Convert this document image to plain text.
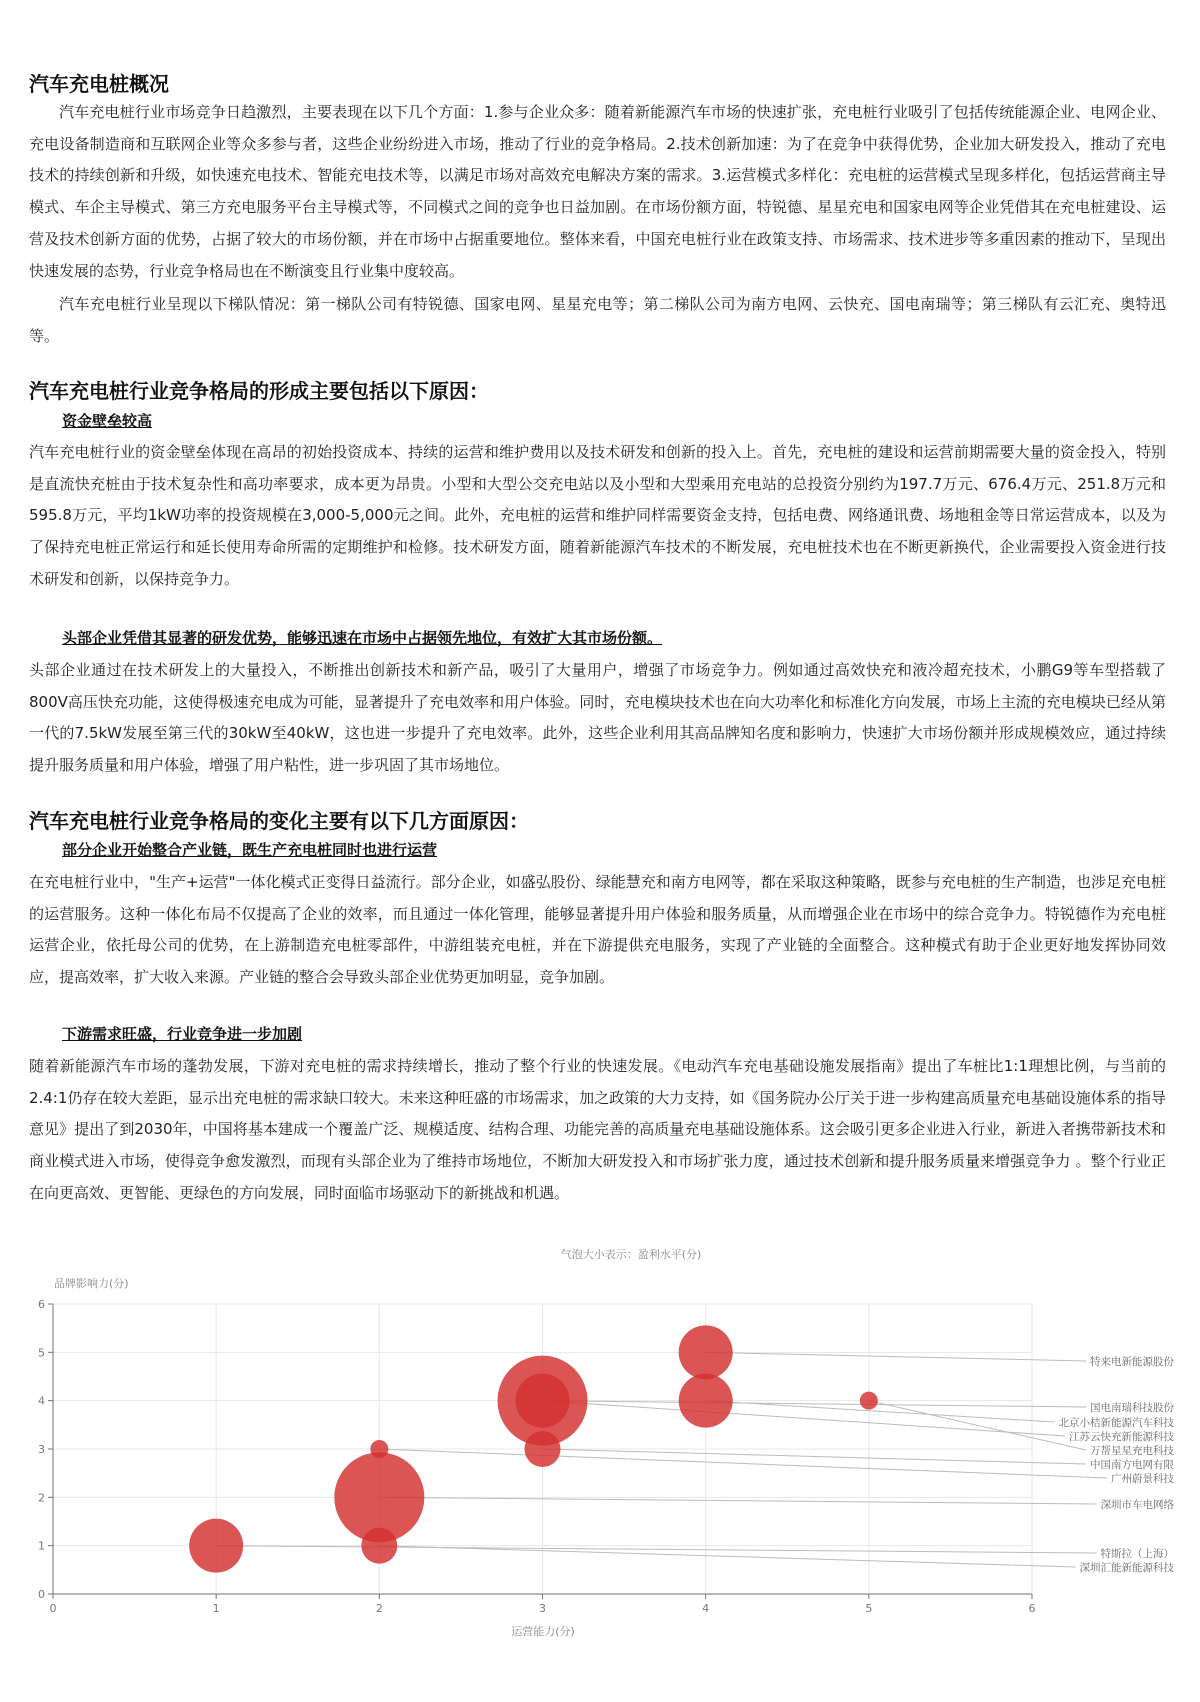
汽车充电桩概况

汽车充电桩行业市场竞争日趋激烈，主要表现在以下几个方面：1.参与企业众多：随着新能源汽车市场的快速扩张，充电桩行业吸引了包括传统能源企业、电网企业、充电设备制造商和互联网企业等众多参与者，这些企业纷纷进入市场，推动了行业的竞争格局。2.技术创新加速：为了在竞争中获得优势，企业加大研发投入，推动了充电技术的持续创新和升级，如快速充电技术、智能充电技术等，以满足市场对高效充电解决方案的需求。3.运营模式多样化：充电桩的运营模式呈现多样化，包括运营商主导模式、车企主导模式、第三方充电服务平台主导模式等，不同模式之间的竞争也日益加剧。在市场份额方面，特锐德、星星充电和国家电网等企业凭借其在充电桩建设、运营及技术创新方面的优势，占据了较大的市场份额，并在市场中占据重要地位。整体来看，中国充电桩行业在政策支持、市场需求、技术进步等多重因素的推动下，呈现出快速发展的态势，行业竞争格局也在不断演变且行业集中度较高。

汽车充电桩行业呈现以下梯队情况：第一梯队公司有特锐德、国家电网、星星充电等；第二梯队公司为南方电网、云快充、国电南瑞等；第三梯队有云汇充、奥特迅等。

汽车充电桩行业竞争格局的形成主要包括以下原因：
资金壁垒较高

汽车充电桩行业的资金壁垒体现在高昂的初始投资成本、持续的运营和维护费用以及技术研发和创新的投入上。首先，充电桩的建设和运营前期需要大量的资金投入，特别是直流快充桩由于技术复杂性和高功率要求，成本更为昂贵。小型和大型公交充电站以及小型和大型乘用充电站的总投资分别约为197.7万元、676.4万元、251.8万元和595.8万元，平均1kW功率的投资规模在3,000-5,000元之间。此外，充电桩的运营和维护同样需要资金支持，包括电费、网络通讯费、场地租金等日常运营成本，以及为了保持充电桩正常运行和延长使用寿命所需的定期维护和检修。技术研发方面，随着新能源汽车技术的不断发展，充电桩技术也在不断更新换代，企业需要投入资金进行技术研发和创新，以保持竞争力。

头部企业凭借其显著的研发优势，能够迅速在市场中占据领先地位，有效扩大其市场份额。

头部企业通过在技术研发上的大量投入，不断推出创新技术和新产品，吸引了大量用户，增强了市场竞争力。例如通过高效快充和液冷超充技术，小鹏G9等车型搭载了800V高压快充功能，这使得极速充电成为可能，显著提升了充电效率和用户体验。同时，充电模块技术也在向大功率化和标准化方向发展，市场上主流的充电模块已经从第一代的7.5kW发展至第三代的30kW至40kW，这也进一步提升了充电效率。此外，这些企业利用其高品牌知名度和影响力，快速扩大市场份额并形成规模效应，通过持续提升服务质量和用户体验，增强了用户粘性，进一步巩固了其市场地位。

汽车充电桩行业竞争格局的变化主要有以下几方面原因：
部分企业开始整合产业链，既生产充电桩同时也进行运营

在充电桩行业中，"生产+运营"一体化模式正变得日益流行。部分企业，如盛弘股份、绿能慧充和南方电网等，都在采取这种策略，既参与充电桩的生产制造，也涉足充电桩的运营服务。这种一体化布局不仅提高了企业的效率，而且通过一体化管理，能够显著提升用户体验和服务质量，从而增强企业在市场中的综合竞争力。特锐德作为充电桩运营企业，依托母公司的优势，在上游制造充电桩零部件，中游组装充电桩，并在下游提供充电服务，实现了产业链的全面整合。这种模式有助于企业更好地发挥协同效应，提高效率，扩大收入来源。产业链的整合会导致头部企业优势更加明显，竞争加剧。

下游需求旺盛，行业竞争进一步加剧

随着新能源汽车市场的蓬勃发展，下游对充电桩的需求持续增长，推动了整个行业的快速发展。《电动汽车充电基础设施发展指南》提出了车桩比1:1理想比例，与当前的2.4:1仍存在较大差距，显示出充电桩的需求缺口较大。未来这种旺盛的市场需求，加之政策的大力支持，如《国务院办公厅关于进一步构建高质量充电基础设施体系的指导意见》提出了到2030年，中国将基本建成一个覆盖广泛、规模适度、结构合理、功能完善的高质量充电基础设施体系。这会吸引更多企业进入行业，新进入者携带新技术和商业模式进入市场，使得竞争愈发激烈，而现有头部企业为了维持市场地位，不断加大研发投入和市场扩张力度，通过技术创新和提升服务质量来增强竞争力 。整个行业正在向更高效、更智能、更绿色的方向发展，同时面临市场驱动下的新挑战和机遇。

气泡大小表示：盈利水平(分)
品牌影响力(分)
运营能力(分)
0	1	2	3	4	5	6
0
1
2
3
4
5
6
特来电新能源股份
国电南瑞科技股份
北京小桔新能源汽车科技
江苏云快充新能源科技
万帮星星充电科技
中国南方电网有限
广州蔚景科技
深圳市车电网络
特斯拉（上海）
深圳汇能新能源科技
